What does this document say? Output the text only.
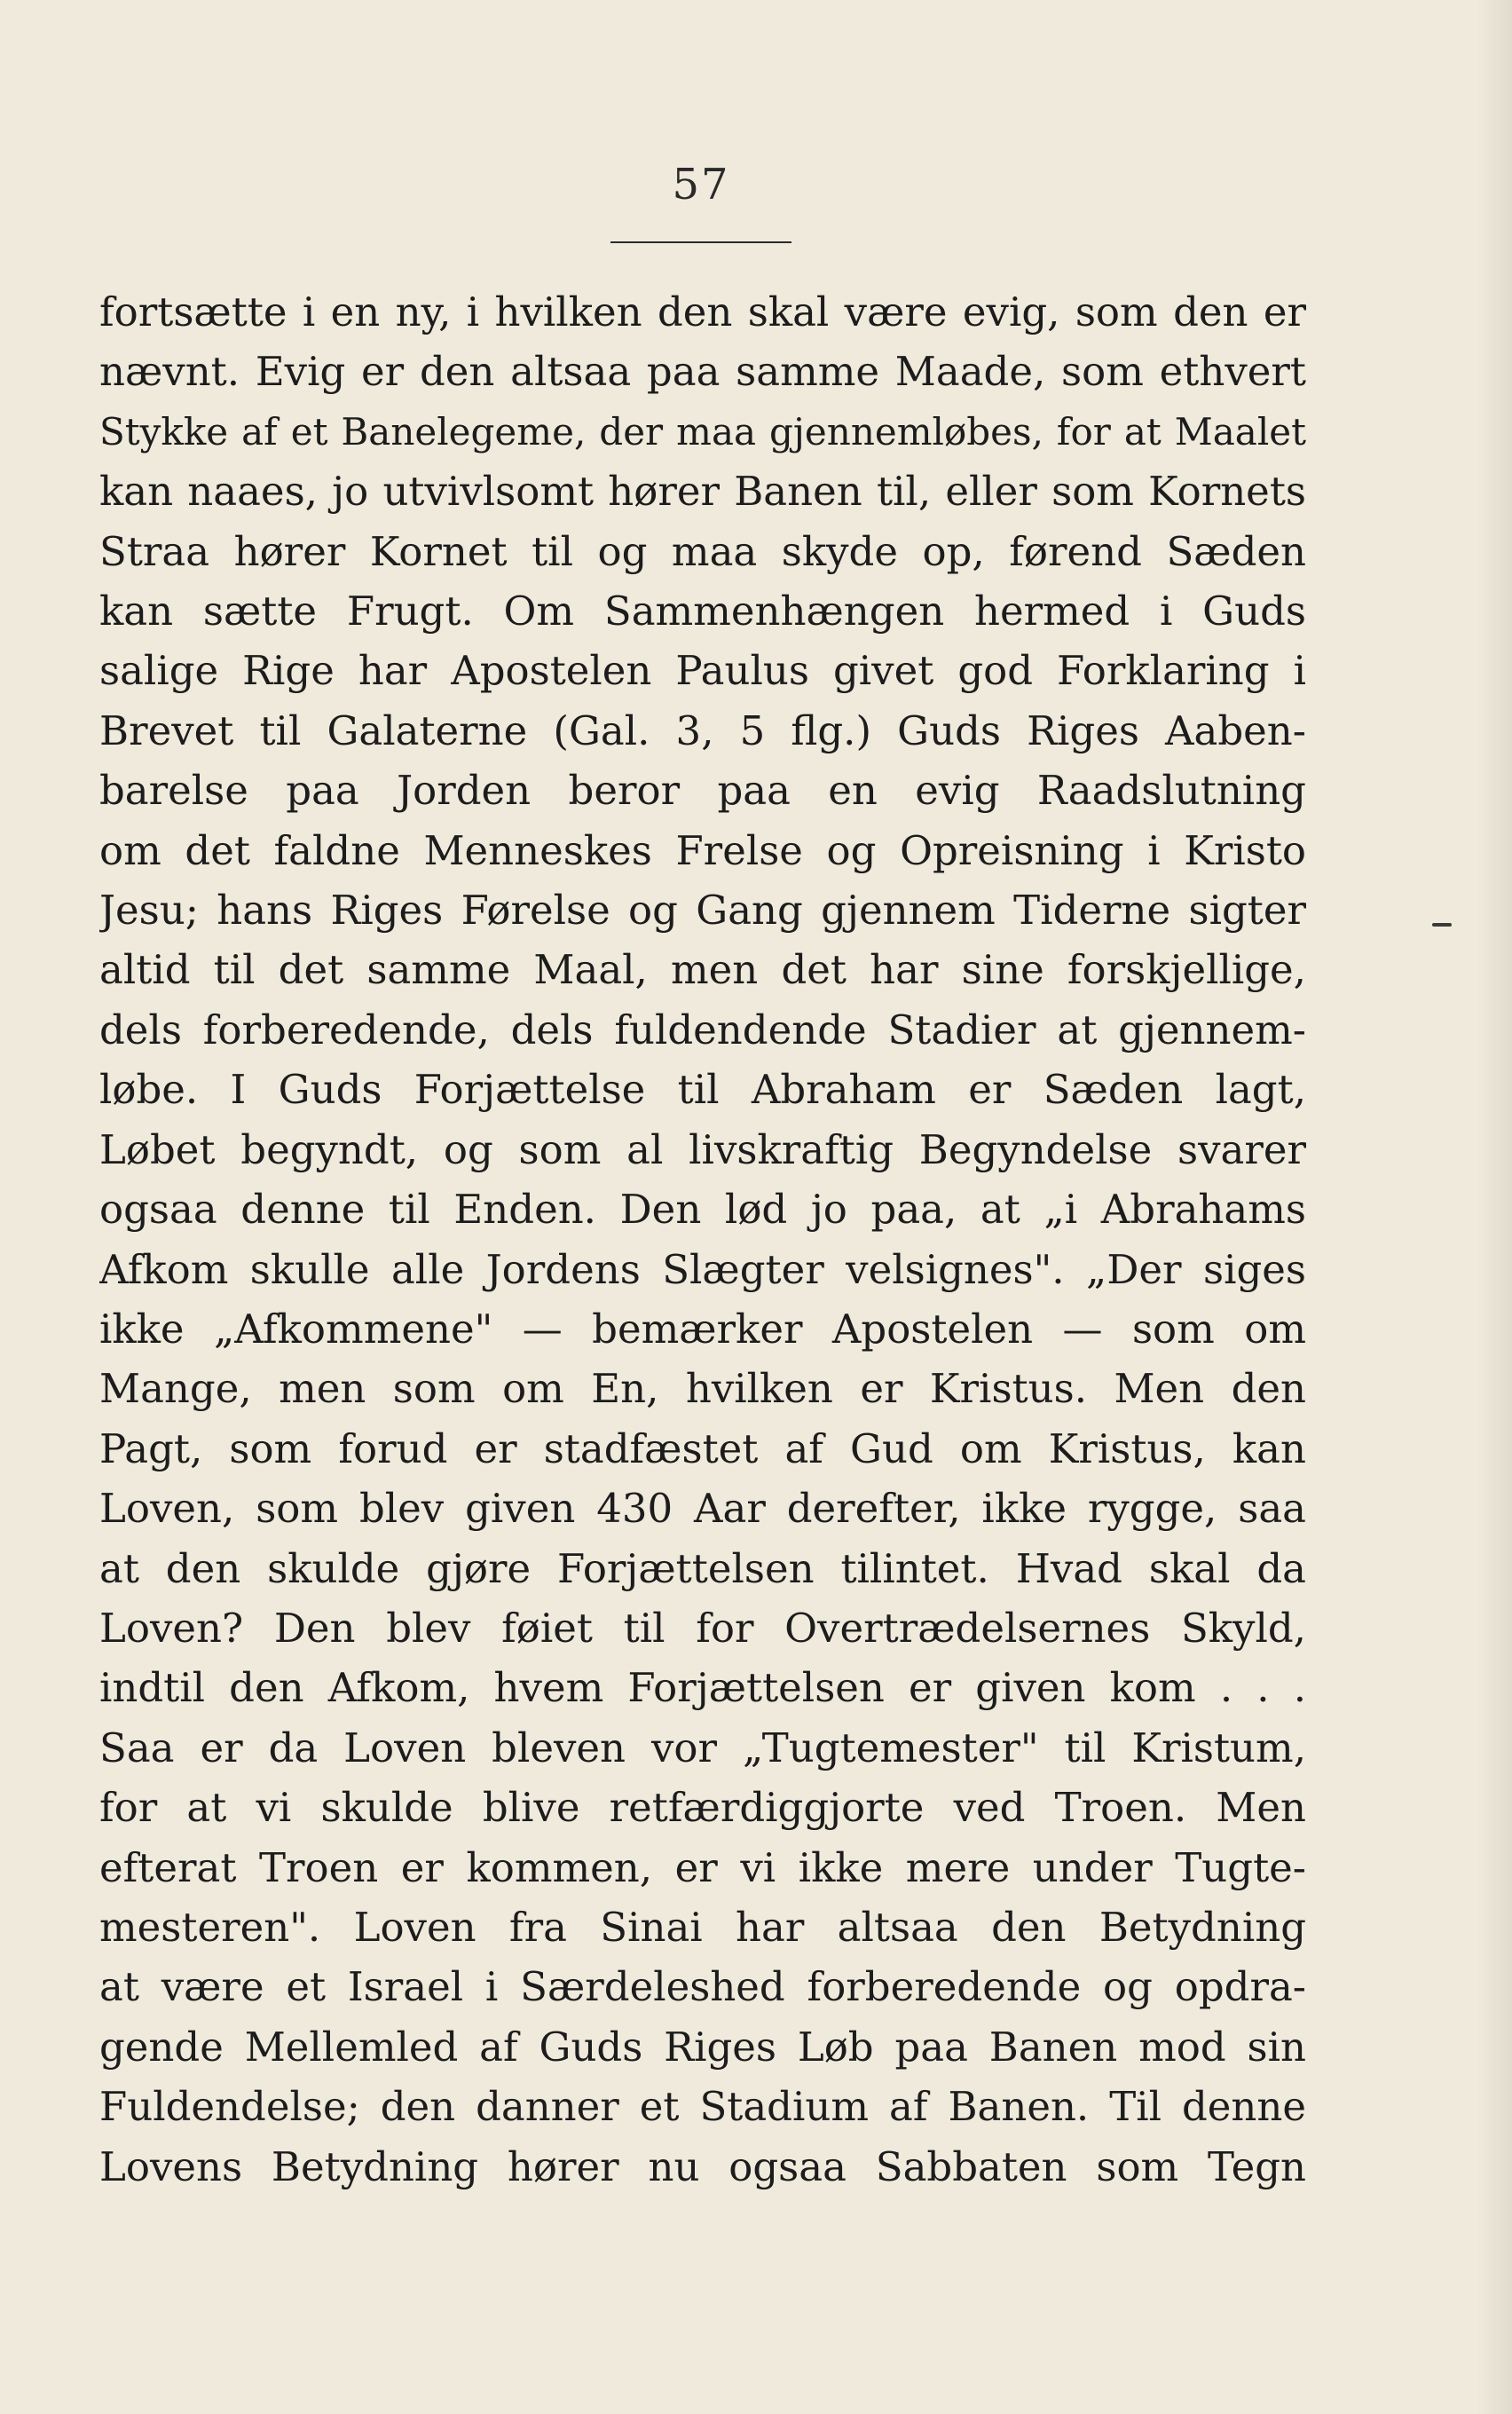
57
fortsætte i en ny, i hvilken den skal være evig, som den er
nævnt. Evig er den altsaa paa samme Maade, som ethvert
Stykke af et Banelegeme, der maa gjennemløbes, for at Maalet
kan naaes, jo utvivlsomt hører Banen til, eller som Kornets
Straa hører Kornet til og maa skyde op, førend Sæden
kan sætte Frugt. Om Sammenhængen hermed i Guds
salige Rige har Apostelen Paulus givet god Forklaring i
Brevet til Galaterne (Gal. 3, 5 flg.) Guds Riges Aaben-
barelse paa Jorden beror paa en evig Raadslutning
om det faldne Menneskes Frelse og Opreisning i Kristo
Jesu; hans Riges Førelse og Gang gjennem Tiderne sigter
altid til det samme Maal, men det har sine forskjellige,
dels forberedende, dels fuldendende Stadier at gjennem-
løbe. I Guds Forjættelse til Abraham er Sæden lagt,
Løbet begyndt, og som al livskraftig Begyndelse svarer
ogsaa denne til Enden. Den lød jo paa, at „i Abrahams
Afkom skulle alle Jordens Slægter velsignes". „Der siges
ikke „Afkommene" — bemærker Apostelen — som om
Mange, men som om En, hvilken er Kristus. Men den
Pagt, som forud er stadfæstet af Gud om Kristus, kan
Loven, som blev given 430 Aar derefter, ikke rygge, saa
at den skulde gjøre Forjættelsen tilintet. Hvad skal da
Loven? Den blev føiet til for Overtrædelsernes Skyld,
indtil den Afkom, hvem Forjættelsen er given kom . . .
Saa er da Loven bleven vor „Tugtemester" til Kristum,
for at vi skulde blive retfærdiggjorte ved Troen. Men
efterat Troen er kommen, er vi ikke mere under Tugte-
mesteren". Loven fra Sinai har altsaa den Betydning
at være et Israel i Særdeleshed forberedende og opdra-
gende Mellemled af Guds Riges Løb paa Banen mod sin
Fuldendelse; den danner et Stadium af Banen. Til denne
Lovens Betydning hører nu ogsaa Sabbaten som Tegn
